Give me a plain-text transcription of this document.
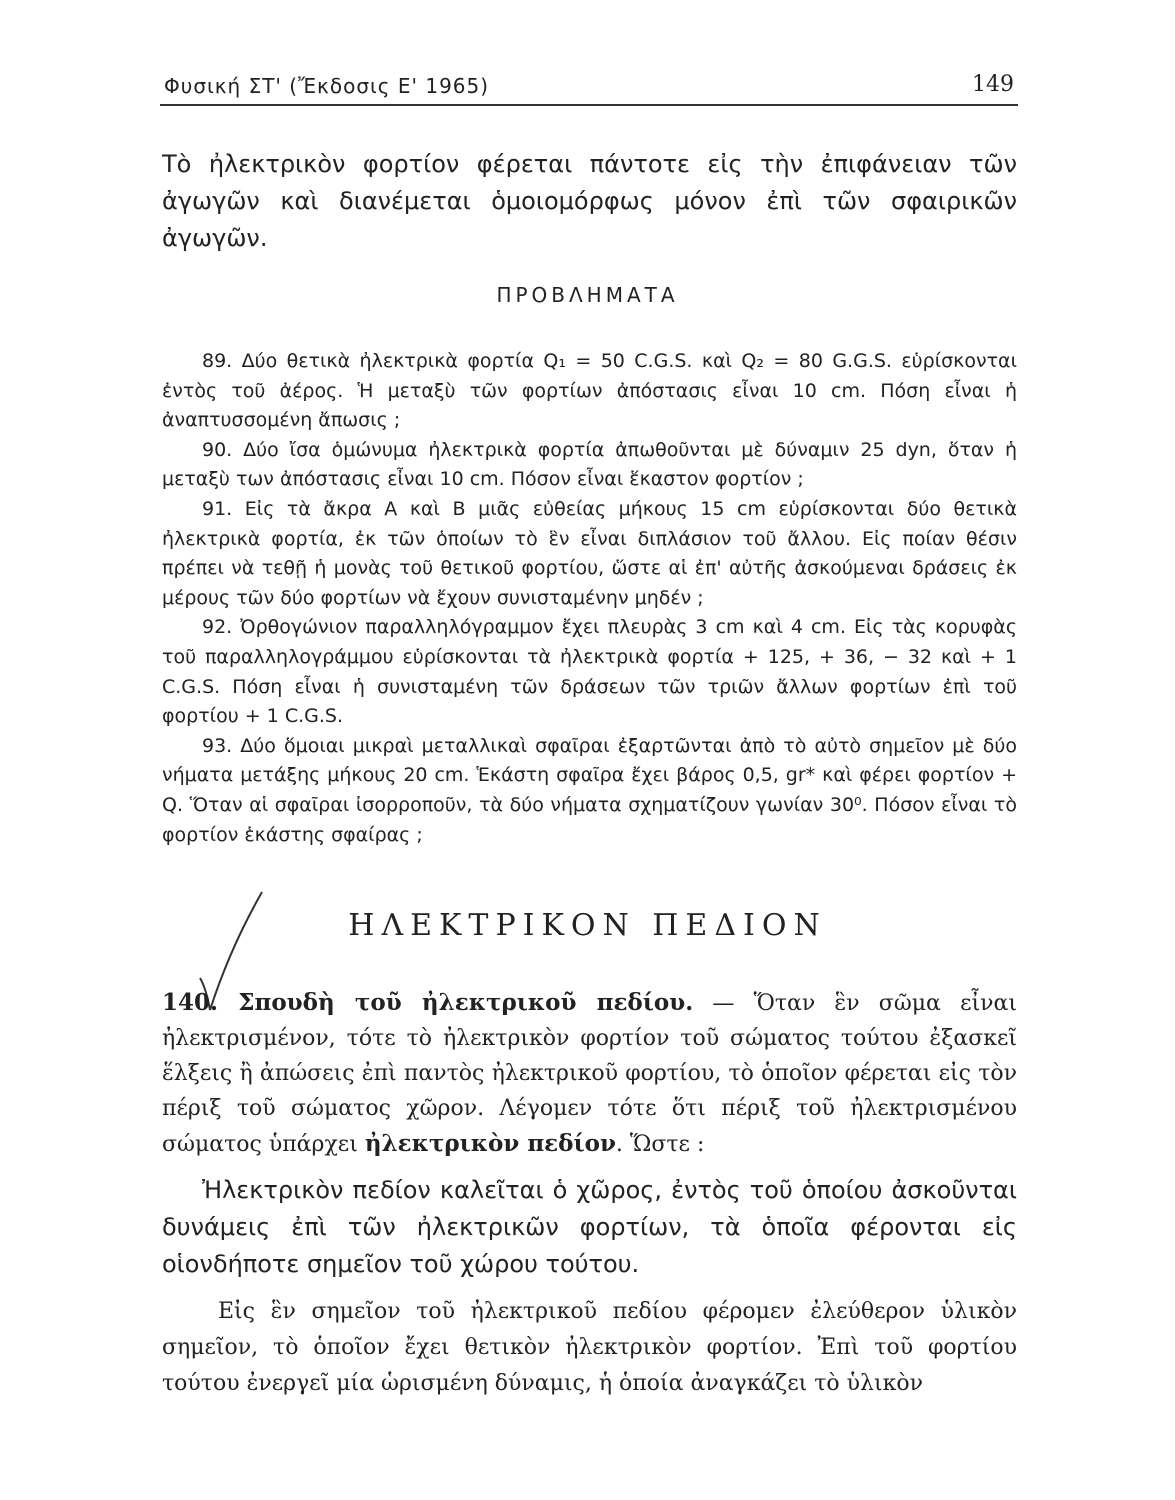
Φυσική ΣΤ' (Ἔκδοσις Ε' 1965)	149

Τὸ ἠλεκτρικὸν φορτίον φέρεται πάντοτε εἰς τὴν ἐπιφάνειαν τῶν ἀγωγῶν καὶ διανέμεται ὁμοιομόρφως μόνον ἐπὶ τῶν σφαιρικῶν ἀγωγῶν.

ΠΡΟΒΛΗΜΑΤΑ

89. Δύο θετικὰ ἠλεκτρικὰ φορτία Q₁ = 50 C.G.S. καὶ Q₂ = 80 G.G.S. εὑρίσκονται ἐντὸς τοῦ ἀέρος. Ἡ μεταξὺ τῶν φορτίων ἀπόστασις εἶναι 10 cm. Πόση εἶναι ἡ ἀναπτυσσομένη ἄπωσις ;

90. Δύο ἴσα ὁμώνυμα ἠλεκτρικὰ φορτία ἀπωθοῦνται μὲ δύναμιν 25 dyn, ὅταν ἡ μεταξὺ των ἀπόστασις εἶναι 10 cm. Πόσον εἶναι ἕκαστον φορτίον ;

91. Εἰς τὰ ἄκρα Α καὶ Β μιᾶς εὐθείας μήκους 15 cm εὑρίσκονται δύο θετικὰ ἠλεκτρικὰ φορτία, ἐκ τῶν ὁποίων τὸ ἓν εἶναι διπλάσιον τοῦ ἄλλου. Εἰς ποίαν θέσιν πρέπει νὰ τεθῇ ἡ μονὰς τοῦ θετικοῦ φορτίου, ὥστε αἱ ἐπ' αὐτῆς ἀσκούμεναι δράσεις ἐκ μέρους τῶν δύο φορτίων νὰ ἔχουν συνισταμένην μηδέν ;

92. Ὀρθογώνιον παραλληλόγραμμον ἔχει πλευρὰς 3 cm καὶ 4 cm. Εἰς τὰς κορυφὰς τοῦ παραλληλογράμμου εὑρίσκονται τὰ ἠλεκτρικὰ φορτία + 125, + 36, − 32 καὶ + 1 C.G.S. Πόση εἶναι ἡ συνισταμένη τῶν δράσεων τῶν τριῶν ἄλλων φορτίων ἐπὶ τοῦ φορτίου + 1 C.G.S.

93. Δύο ὅμοιαι μικραὶ μεταλλικαὶ σφαῖραι ἐξαρτῶνται ἀπὸ τὸ αὐτὸ σημεῖον μὲ δύο νήματα μετάξης μήκους 20 cm. Ἑκάστη σφαῖρα ἔχει βάρος 0,5, gr* καὶ φέρει φορτίον + Q. Ὅταν αἱ σφαῖραι ἰσορροποῦν, τὰ δύο νήματα σχηματίζουν γωνίαν 30⁰. Πόσον εἶναι τὸ φορτίον ἑκάστης σφαίρας ;

ΗΛΕΚΤΡΙΚΟΝ ΠΕΔΙΟΝ

140. Σπουδὴ τοῦ ἠλεκτρικοῦ πεδίου. — Ὅταν ἓν σῶμα εἶναι ἠλεκτρισμένον, τότε τὸ ἠλεκτρικὸν φορτίον τοῦ σώματος τούτου ἐξασκεῖ ἕλξεις ἢ ἀπώσεις ἐπὶ παντὸς ἠλεκτρικοῦ φορτίου, τὸ ὁποῖον φέρεται εἰς τὸν πέριξ τοῦ σώματος χῶρον. Λέγομεν τότε ὅτι πέριξ τοῦ ἠλεκτρισμένου σώματος ὑπάρχει ἠλεκτρικὸν πεδίον. Ὥστε :

Ἠλεκτρικὸν πεδίον καλεῖται ὁ χῶρος, ἐντὸς τοῦ ὁποίου ἀσκοῦνται δυνάμεις ἐπὶ τῶν ἠλεκτρικῶν φορτίων, τὰ ὁποῖα φέρονται εἰς οἱονδήποτε σημεῖον τοῦ χώρου τούτου.

Εἰς ἓν σημεῖον τοῦ ἠλεκτρικοῦ πεδίου φέρομεν ἐλεύθερον ὑλικὸν σημεῖον, τὸ ὁποῖον ἔχει θετικὸν ἠλεκτρικὸν φορτίον. Ἐπὶ τοῦ φορτίου τούτου ἐνεργεῖ μία ὡρισμένη δύναμις, ἡ ὁποία ἀναγκάζει τὸ ὑλικὸν
